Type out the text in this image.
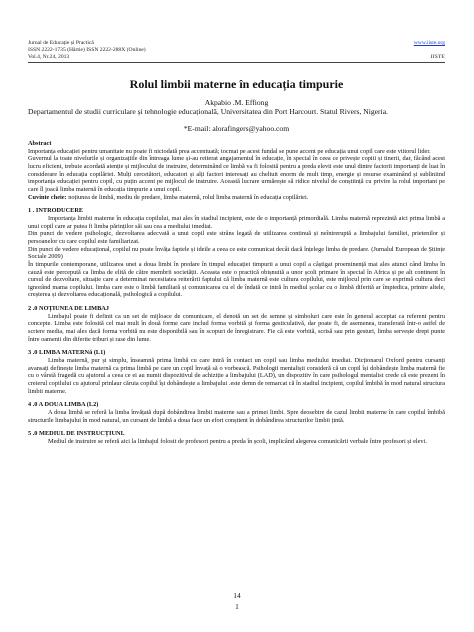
Jurnal de Educație și Practică
ISSN 2222-1735 (Hârtie) ISSN 2222-288X (Online)
Vol.4, Nr.24, 2013
www.iiste.org
IISTE
Rolul limbii materne în educația timpurie
Akpabio .M. Effiong
Departamentul de studii curriculare și tehnologie educațională, Universitatea din Port Harcourt. Statul Rivers, Nigeria.
*E-mail: alorafingers@yahoo.com

Abstract

Importanța educației pentru umanitate nu poate fi niciodată prea accentuată; tocmai pe acest fundal se pune accent pe educația unui copil care este viitorul lider.

Guvernul la toate nivelurile și organizațiile din întreaga lume și-au reiterat angajamentul în educație, în special în ceea ce privește copiii și tinerii, dar, făcând acest lucru eficient, trebuie acordată atenție și mijlocului de instruire, determinând ce limbă va fi folosită pentru a preda elevii este unul dintre factorii importanți de luat în considerare în educația copilăriei. Mulți cercetători, educatori și alți factori interesați au cheltuit enorm de mult timp, energie și resurse examinând și subliniind importanța educației pentru copil, cu puțin accent pe mijlocul de instruire. Această lucrare urmărește să ridice nivelul de conștiință cu privire la rolul important pe care îl joacă limba maternă în educația timpurie a unui copil.

Cuvinte cheie: noțiunea de limbă, mediu de predare, limba maternă, rolul limba maternă în educația copilăriei.

1 . INTRODUCERE

Importanța limbii materne în educația copilului, mai ales în stadiul incipient, este de o importanță primordială. Limba maternă reprezintă aici prima limbă a unui copil care ar putea fi limba părinților săi sau cea a mediului imediat.

Din punct de vedere psihologic, dezvoltarea adecvată a unui copil este strâns legată de utilizarea continuă și neîntreruptă a limbajului familiei, prietenilor și persoanelor cu care copilul este familiarizat.

Din punct de vedere educațional, copilul nu poate învăța faptele și ideile a ceea ce este comunicat decât dacă înțelege limba de predare. (Jurnalul European de Științe Sociale 2009)

În timpurile contemporane, utilizarea unei a doua limbi în predare în timpul educației timpurii a unui copil a câștigat proeminență mai ales atunci când limba în cauză este percepută ca limba de elită de către membrii societății. Aceasta este o practică obișnuită a unor școli primare în special în Africa și pe alt continent în cursul de dezvoltare, situație care a determinat necesitatea reiterării faptului că limba maternă este cultura copilului, este mijlocul prin care se exprimă cultura deci ignorând mama copilului. limba care este o limbă familiară și comunicarea cu el de îndată ce intră în mediul școlar cu o limbă diferită ar împiedica, printre altele, creșterea și dezvoltarea educațională, psihologică a copilului.

2 .0 NOȚIUNEA DE LIMBAJ

Limbajul poate fi definit ca un set de mijloace de comunicare, el denotă un set de semne și simboluri care este în general acceptat ca referent pentru concepte. Limba este folosită cel mai mult în două forme care includ forma vorbită și forma gesticulativă, dar poate fi, de asemenea, transferată într-o astfel de scriere media, mai ales dacă forma vorbită nu este disponibilă sau în scopuri de înregistrare. Fie că este vorbită, scrisă sau prin gesturi, limba servește drept punte între oamenii din diferite triburi și rase din lume.

3 .0 LIMBA MATERNă (L1)

Limba maternă, pur și simplu, înseamnă prima limbă cu care intră în contact un copil sau limba mediului imediat. Dicționarul Oxford pentru cursanți avansați definește limba maternă ca prima limbă pe care un copil învață să o vorbească. Psihologii mentaliști consideră că un copil își dobândește limba maternă fie cu o vârstă fragedă cu ajutorul a ceea ce ei au numit dispozitivul de achiziție a limbajului (LAD), un dispozitiv în care psihologul mentalist crede că este prezent în creierul copilului cu ajutorul prinlaur căruia copilul își dobândește a limbajului .este demn de remarcat că în stadiul incipient, copilul îmbibă în mod natural structura limbii materne.

4 .0 A DOUA LIMBA (L2)

A doua limbă se referă la limba învățată după dobândirea limbii materne sau a primei limbi. Spre deosebire de cazul limbii materne în care copilul îmbibă structurile limbajului în mod natural, un cursant de limbă a doua face un efort conștient în dobândirea structurilor limbii țintă.

5 .0 MEDIUL DE INSTRUCȚIUNI.

Mediul de instruire se referă aici la limbajul folosit de profesori pentru a preda în școli, implicând alegerea comunicării verbale între profesori și elevi.

14
1
